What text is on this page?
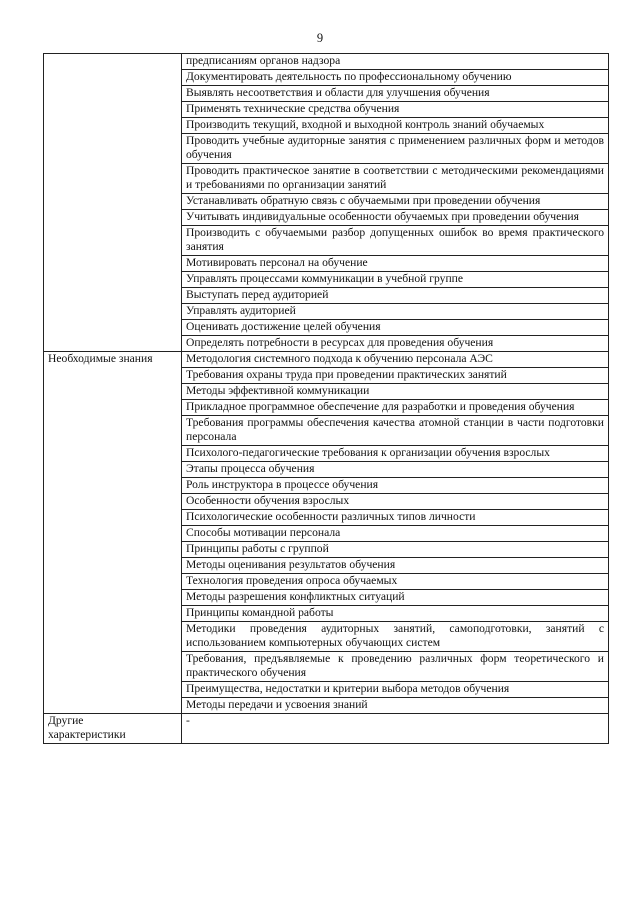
9
	предписаниям органов надзора
	Документировать деятельность по профессиональному обучению
	Выявлять несоответствия и области для улучшения обучения
	Применять технические средства обучения
	Производить текущий, входной и выходной контроль знаний обучаемых
	Проводить учебные аудиторные занятия с применением различных форм и методов обучения
	Проводить практическое занятие в соответствии с методическими рекомендациями и требованиями по организации занятий
	Устанавливать обратную связь с обучаемыми при проведении обучения
	Учитывать индивидуальные особенности обучаемых при проведении обучения
	Производить с обучаемыми разбор допущенных ошибок во время практического занятия
	Мотивировать персонал на обучение
	Управлять процессами коммуникации в учебной группе
	Выступать перед аудиторией
	Управлять аудиторией
	Оценивать достижение целей обучения
	Определять потребности в ресурсах для проведения обучения
Необходимые знания	Методология системного подхода к обучению персонала АЭС
	Требования охраны труда при проведении практических занятий
	Методы эффективной коммуникации
	Прикладное программное обеспечение для разработки и проведения обучения
	Требования программы обеспечения качества атомной станции в части подготовки персонала
	Психолого-педагогические требования к организации обучения взрослых
	Этапы процесса обучения
	Роль инструктора в процессе обучения
	Особенности обучения взрослых
	Психологические особенности различных типов личности
	Способы мотивации персонала
	Принципы работы с группой
	Методы оценивания результатов обучения
	Технология проведения опроса обучаемых
	Методы разрешения конфликтных ситуаций
	Принципы командной работы
	Методики проведения аудиторных занятий, самоподготовки, занятий с использованием компьютерных обучающих систем
	Требования, предъявляемые к проведению различных форм теоретического и практического обучения
	Преимущества, недостатки и критерии выбора методов обучения
	Методы передачи и усвоения знаний

Другие
характеристики	-
